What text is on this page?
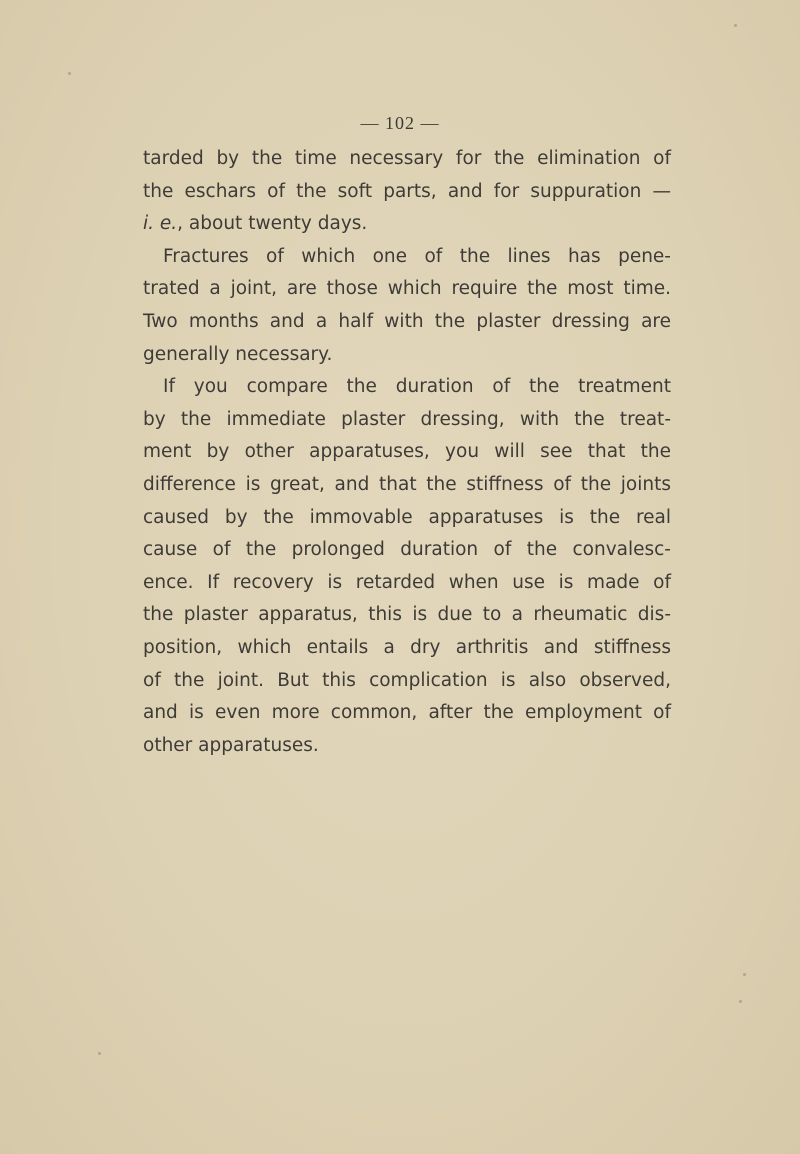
— 102 —
tarded by the time necessary for the elimination of
the eschars of the soft parts, and for suppuration —
i. e., about twenty days.
Fractures of which one of the lines has pene-
trated a joint, are those which require the most time.
Two months and a half with the plaster dressing are
generally necessary.
If you compare the duration of the treatment
by the immediate plaster dressing, with the treat-
ment by other apparatuses, you will see that the
difference is great, and that the stiffness of the joints
caused by the immovable apparatuses is the real
cause of the prolonged duration of the convalesc-
ence. If recovery is retarded when use is made of
the plaster apparatus, this is due to a rheumatic dis-
position, which entails a dry arthritis and stiffness
of the joint. But this complication is also observed,
and is even more common, after the employment of
other apparatuses.
